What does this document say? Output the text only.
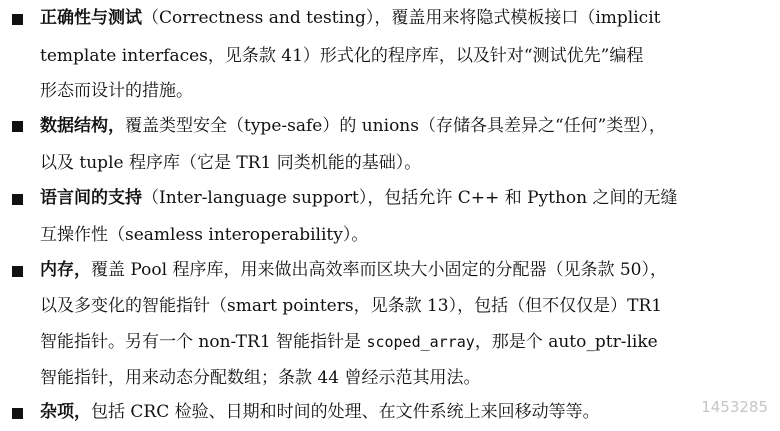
正确性与测试（Correctness and testing），覆盖用来将隐式模板接口（implicit
template interfaces，见条款 41）形式化的程序库，以及针对“测试优先”编程
形态而设计的措施。
数据结构，覆盖类型安全（type-safe）的 unions（存储各具差异之“任何”类型），
以及 tuple 程序库（它是 TR1 同类机能的基础）。
语言间的支持（Inter-language support），包括允许 C++ 和 Python 之间的无缝
互操作性（seamless interoperability）。
内存，覆盖 Pool 程序库，用来做出高效率而区块大小固定的分配器（见条款 50），
以及多变化的智能指针（smart pointers，见条款 13），包括（但不仅仅是）TR1
智能指针。另有一个 non-TR1 智能指针是 scoped_array，那是个 auto_ptr-like
智能指针，用来动态分配数组；条款 44 曾经示范其用法。
杂项，包括 CRC 检验、日期和时间的处理、在文件系统上来回移动等等。	1453285
